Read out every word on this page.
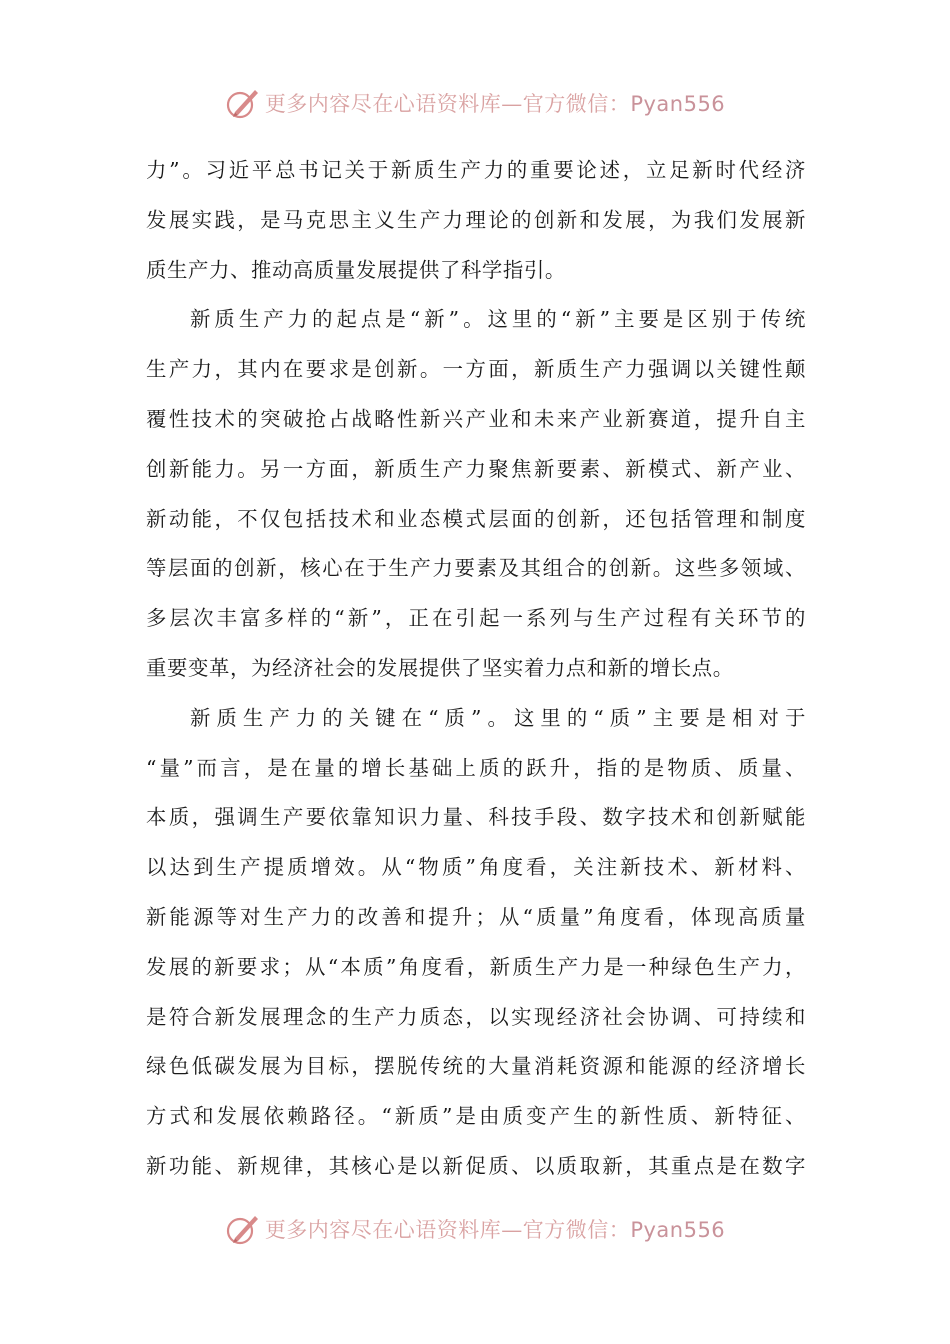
更多内容尽在心语资料库—官方微信：Pyan556
力”。习近平总书记关于新质生产力的重要论述，立足新时代经济
发展实践，是马克思主义生产力理论的创新和发展，为我们发展新
质生产力、推动高质量发展提供了科学指引。
新质生产力的起点是“新”。这里的“新”主要是区别于传统
生产力，其内在要求是创新。一方面，新质生产力强调以关键性颠
覆性技术的突破抢占战略性新兴产业和未来产业新赛道，提升自主
创新能力。另一方面，新质生产力聚焦新要素、新模式、新产业、
新动能，不仅包括技术和业态模式层面的创新，还包括管理和制度
等层面的创新，核心在于生产力要素及其组合的创新。这些多领域、
多层次丰富多样的“新”，正在引起一系列与生产过程有关环节的
重要变革，为经济社会的发展提供了坚实着力点和新的增长点。
新质生产力的关键在“质”。这里的“质”主要是相对于
“量”而言，是在量的增长基础上质的跃升，指的是物质、质量、
本质，强调生产要依靠知识力量、科技手段、数字技术和创新赋能
以达到生产提质增效。从“物质”角度看，关注新技术、新材料、
新能源等对生产力的改善和提升；从“质量”角度看，体现高质量
发展的新要求；从“本质”角度看，新质生产力是一种绿色生产力，
是符合新发展理念的生产力质态，以实现经济社会协调、可持续和
绿色低碳发展为目标，摆脱传统的大量消耗资源和能源的经济增长
方式和发展依赖路径。“新质”是由质变产生的新性质、新特征、
新功能、新规律，其核心是以新促质、以质取新，其重点是在数字
更多内容尽在心语资料库—官方微信：Pyan556
